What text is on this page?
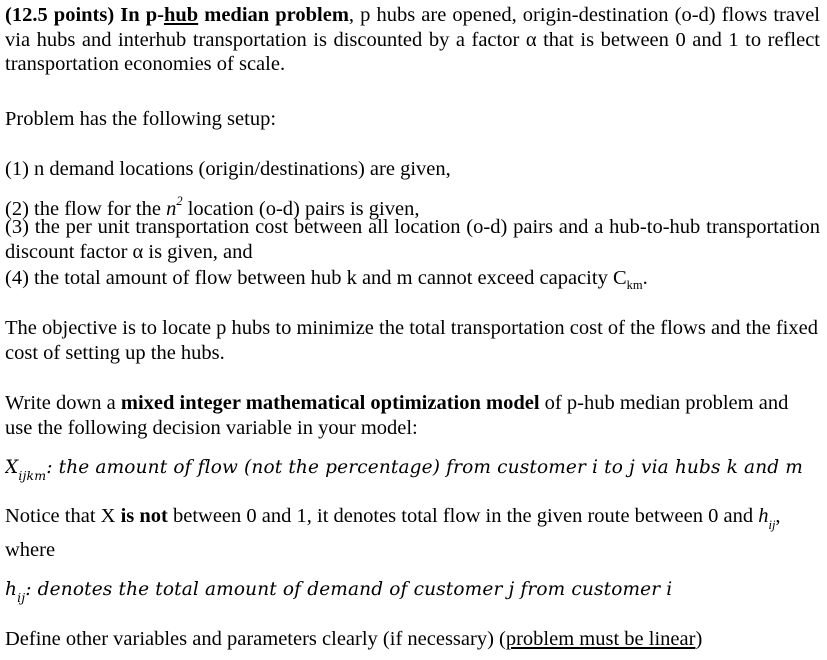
(12.5 points) In p-hub median problem, p hubs are opened, origin-destination (o-d) flows travel via hubs and interhub transportation is discounted by a factor α that is between 0 and 1 to reflect transportation economies of scale.

Problem has the following setup:

(1) n demand locations (origin/destinations) are given,

(2) the flow for the $n^2$ location (o-d) pairs is given,

(3) the per unit transportation cost between all location (o-d) pairs and a hub-to-hub transportation discount factor α is given, and

(4) the total amount of flow between hub k and m cannot exceed capacity $C_{km}$.

The objective is to locate p hubs to minimize the total transportation cost of the flows and the fixed cost of setting up the hubs.

Write down a mixed integer mathematical optimization model of p-hub median problem and use the following decision variable in your model:

$X_{ijkm}$: the amount of flow (not the percentage) from customer i to j via hubs k and m

Notice that X is not between 0 and 1, it denotes total flow in the given route between 0 and $h_{ij}$, where

$h_{ij}$: denotes the total amount of demand of customer j from customer i

Define other variables and parameters clearly (if necessary) (problem must be linear)
